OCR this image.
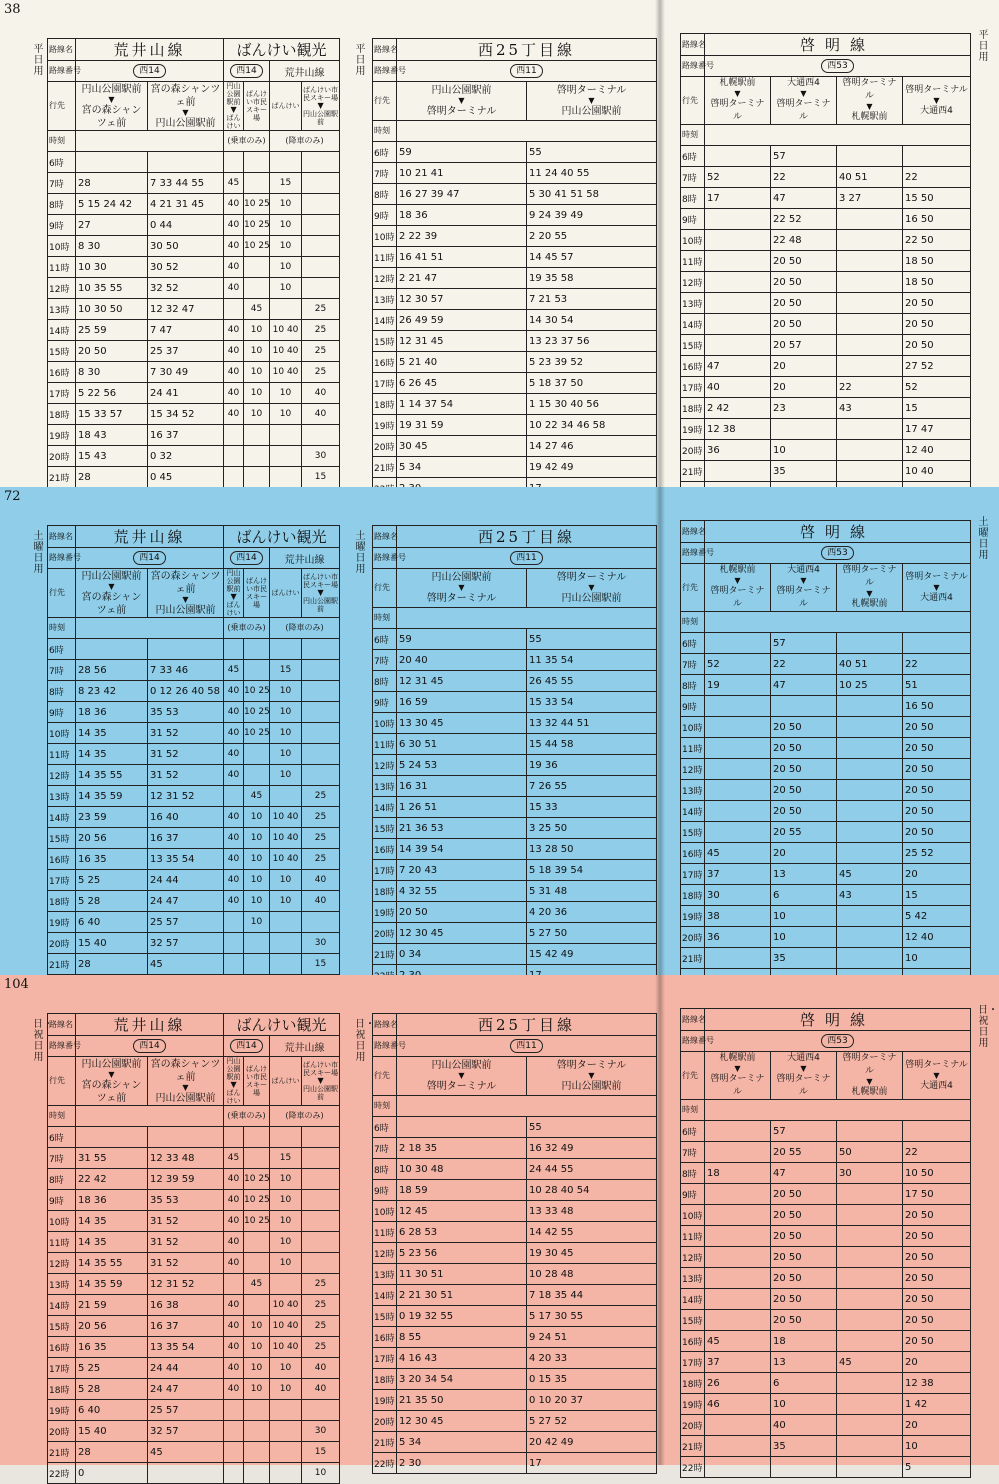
38
平日用
平日用
平日用
路線名	荒井山線		ばんけい観光			
路線番号	西14		西14		荒井山線	
行先	円山公園駅前
▼
宮の森シャンツェ前	宮の森シャンツェ前
▼
円山公園駅前	円山公園駅前
▼
ばんけい	ばんけい市民スキー場	ばんけい	ばんけい市民スキー場
▼
円山公園駅前

時刻			(乗車のみ)		(降車のみ)	
6時						
7時	28	7 33 44 55	45		15	
8時	5 15 24 42	4 21 31 45	40	10 25	10	
9時	27	0 44	40	10 25	10	
10時	8 30	30 50	40	10 25	10	
11時	10 30	30 52	40		10	
12時	10 35 55	32 52	40		10	
13時	10 30 50	12 32 47		45		25
14時	25 59	7 47	40	10	10 40	25
15時	20 50	25 37	40	10	10 40	25
16時	8 30	7 30 49	40	10	10 40	25
17時	5 22 56	24 41	40	10	10	40
18時	15 33 57	15 34 52	40	10	10	40
19時	18 43	16 37				
20時	15 43	0 32				30
21時	28	0 45				15

路線名	西25丁目線	
路線番号	西11	
行先	円山公園駅前
▼
啓明ターミナル	啓明ターミナル
▼
円山公園駅前

時刻		
6時	59	55
7時	10 21 41	11 24 40 55
8時	16 27 39 47	5 30 41 51 58
9時	18 36	9 24 39 49
10時	2 22 39	2 20 55
11時	16 41 51	14 45 57
12時	2 21 47	19 35 58
13時	12 30 57	7 21 53
14時	26 49 59	14 30 54
15時	12 31 45	13 23 37 56
16時	5 21 40	5 23 39 52
17時	6 26 45	5 18 37 50
18時	1 14 37 54	1 15 30 40 56
19時	19 31 59	10 22 34 46 58
20時	30 45	14 27 46
21時	5 34	19 42 49

路線名	啓明線			
路線番号	西53			
行先	札幌駅前
▼
啓明ターミナル	大通西4
▼
啓明ターミナル	啓明ターミナル
▼
札幌駅前	啓明ターミナル
▼
大通西4

時刻				
6時		57		
7時	52	22	40 51	22
8時	17	47	3 27	15 50
9時		22 52		16 50
10時		22 48		22 50
11時		20 50		18 50
12時		20 50		18 50
13時		20 50		20 50
14時		20 50		20 50
15時		20 57		20 50
16時	47	20		27 52
17時	40	20	22	52
18時	2 42	23	43	15
19時	12 38			17 47
20時	36	10		12 40
21時		35		10 40

72
土曜日用
土曜日用
土曜日用
路線名	荒井山線		ばんけい観光			
路線番号	西14		西14		荒井山線	
行先	円山公園駅前
▼
宮の森シャンツェ前	宮の森シャンツェ前
▼
円山公園駅前	円山公園駅前
▼
ばんけい	ばんけい市民スキー場	ばんけい	ばんけい市民スキー場
▼
円山公園駅前

時刻			(乗車のみ)		(降車のみ)	
6時						
7時	28 56	7 33 46	45		15	
8時	8 23 42	0 12 26 40 58	40	10 25	10	
9時	18 36	35 53	40	10 25	10	
10時	14 35	31 52	40	10 25	10	
11時	14 35	31 52	40		10	
12時	14 35 55	31 52	40		10	
13時	14 35 59	12 31 52		45		25
14時	23 59	16 40	40	10	10 40	25
15時	20 56	16 37	40	10	10 40	25
16時	16 35	13 35 54	40	10	10 40	25
17時	5 25	24 44	40	10	10	40
18時	5 28	24 47	40	10	10	40
19時	6 40	25 57		10		
20時	15 40	32 57				30
21時	28	45				15

路線名	西25丁目線	
路線番号	西11	
行先	円山公園駅前
▼
啓明ターミナル	啓明ターミナル
▼
円山公園駅前

時刻		
6時	59	55
7時	20 40	11 35 54
8時	12 31 45	26 45 55
9時	16 59	15 33 54
10時	13 30 45	13 32 44 51
11時	6 30 51	15 44 58
12時	5 24 53	19 36
13時	16 31	7 26 55
14時	1 26 51	15 33
15時	21 36 53	3 25 50
16時	14 39 54	13 28 50
17時	7 20 43	5 18 39 54
18時	4 32 55	5 31 48
19時	20 50	4 20 36
20時	12 30 45	5 27 50
21時	0 34	15 42 49

路線名	啓明線			
路線番号	西53			
行先	札幌駅前
▼
啓明ターミナル	大通西4
▼
啓明ターミナル	啓明ターミナル
▼
札幌駅前	啓明ターミナル
▼
大通西4

時刻				
6時		57		
7時	52	22	40 51	22
8時	19	47	10 25	51
9時				16 50
10時		20 50		20 50
11時		20 50		20 50
12時		20 50		20 50
13時		20 50		20 50
14時		20 50		20 50
15時		20 55		20 50
16時	45	20		25 52
17時	37	13	45	20
18時	30	6	43	15
19時	38	10		5 42
20時	36	10		12 40
21時		35		10

104
日・祝日用
日・祝日用
日・祝日用
路線名	荒井山線		ばんけい観光			
路線番号	西14		西14		荒井山線	
行先	円山公園駅前
▼
宮の森シャンツェ前	宮の森シャンツェ前
▼
円山公園駅前	円山公園駅前
▼
ばんけい	ばんけい市民スキー場	ばんけい	ばんけい市民スキー場
▼
円山公園駅前

時刻			(乗車のみ)		(降車のみ)	
6時						
7時	31 55	12 33 48	45		15	
8時	22 42	12 39 59	40	10 25	10	
9時	18 36	35 53	40	10 25	10	
10時	14 35	31 52	40	10 25	10	
11時	14 35	31 52	40		10	
12時	14 35 55	31 52	40		10	
13時	14 35 59	12 31 52		45		25
14時	21 59	16 38	40		10 40	25
15時	20 56	16 37	40	10	10 40	25
16時	16 35	13 35 54	40	10	10 40	25
17時	5 25	24 44	40	10	10	40
18時	5 28	24 47	40	10	10	40
19時	6 40	25 57				
20時	15 40	32 57				30
21時	28	45				15
22時	0					10
路線名	西25丁目線	
路線番号	西11	
行先	円山公園駅前
▼
啓明ターミナル	啓明ターミナル
▼
円山公園駅前

時刻		
6時		55
7時	2 18 35	16 32 49
8時	10 30 48	24 44 55
9時	18 59	10 28 40 54
10時	12 45	13 33 48
11時	6 28 53	14 42 55
12時	5 23 56	19 30 45
13時	11 30 51	10 28 48
14時	2 21 30 51	7 18 35 44
15時	0 19 32 55	5 17 30 55
16時	8 55	9 24 51
17時	4 16 43	4 20 33
18時	3 20 34 54	0 15 35
19時	21 35 50	0 10 20 37
20時	12 30 45	5 27 52
21時	5 34	20 42 49
22時	2 30	17
路線名	啓明線			
路線番号	西53			
行先	札幌駅前
▼
啓明ターミナル	大通西4
▼
啓明ターミナル	啓明ターミナル
▼
札幌駅前	啓明ターミナル
▼
大通西4

時刻				
6時		57		
7時		20 55	50	22
8時	18	47	30	10 50
9時		20 50		17 50
10時		20 50		20 50
11時		20 50		20 50
12時		20 50		20 50
13時		20 50		20 50
14時		20 50		20 50
15時		20 50		20 50
16時	45	18		20 50
17時	37	13	45	20
18時	26	6		12 38
19時	46	10		1 42
20時		40		20
21時		35		10
22時				5
